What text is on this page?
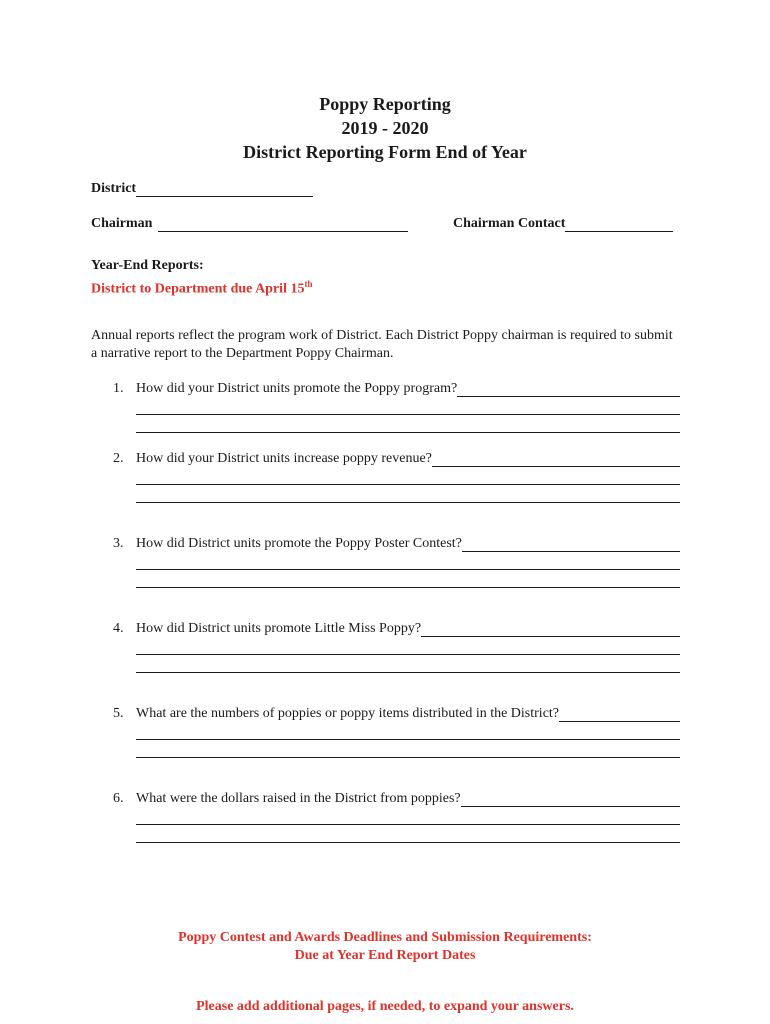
Poppy Reporting
2019 - 2020
District Reporting Form End of Year
District
Chairman	Chairman Contact
Year-End Reports:
District to Department due April 15th
Annual reports reflect the program work of District. Each District Poppy chairman is required to submit a narrative report to the Department Poppy Chairman.
1. How did your District units promote the Poppy program?
2. How did your District units increase poppy revenue?
3. How did District units promote the Poppy Poster Contest?
4. How did District units promote Little Miss Poppy?
5. What are the numbers of poppies or poppy items distributed in the District?
6. What were the dollars raised in the District from poppies?
Poppy Contest and Awards Deadlines and Submission Requirements:
Due at Year End Report Dates
Please add additional pages, if needed, to expand your answers.
